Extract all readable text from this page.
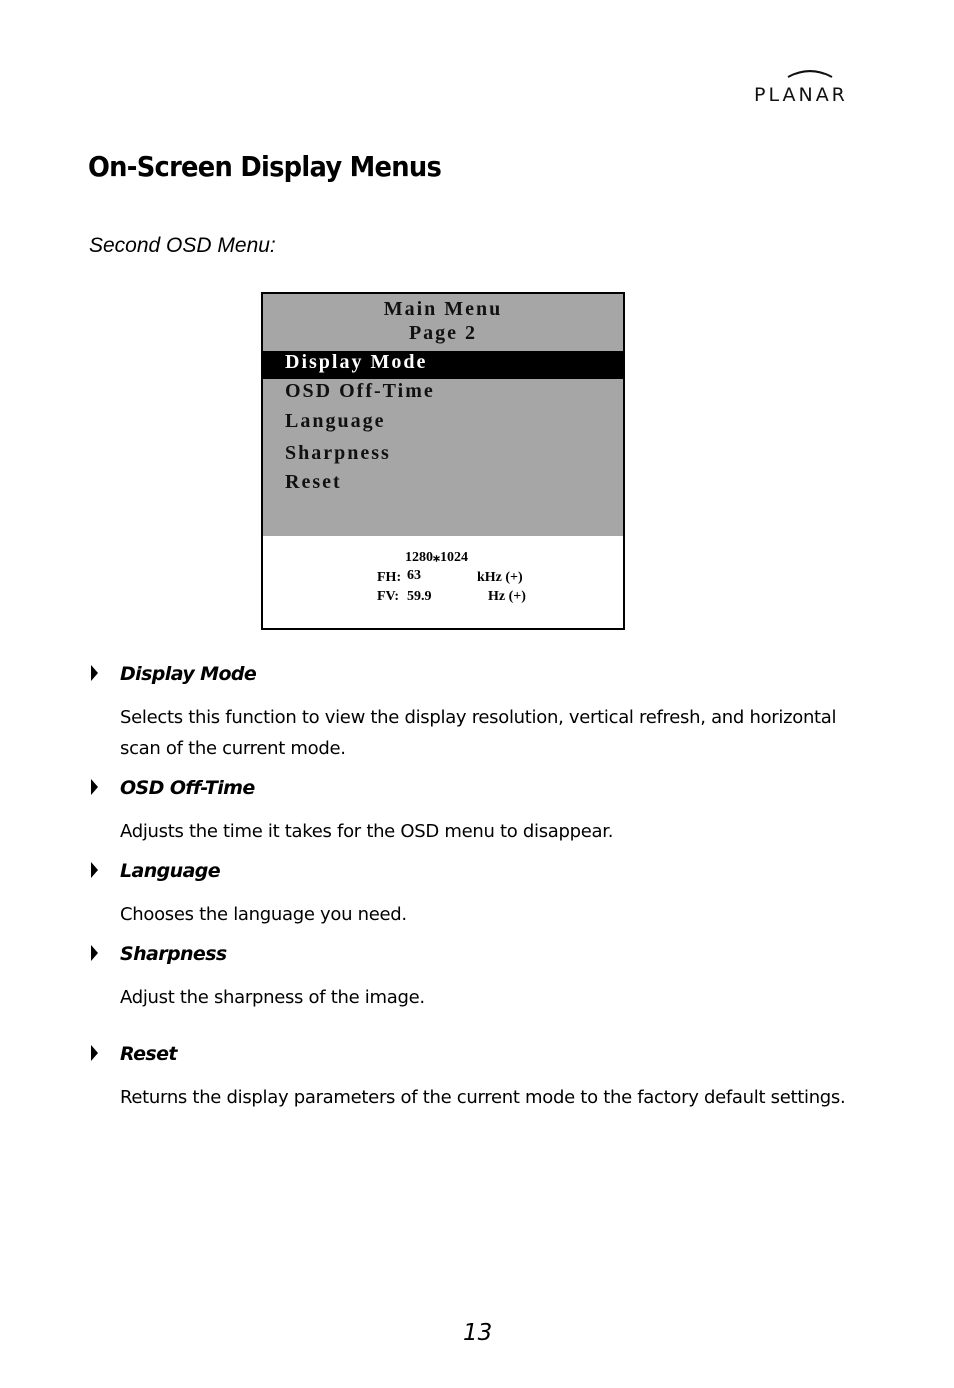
PLANAR
On-Screen Display Menus
Second OSD Menu:
Main Menu
Page 2
Display Mode
OSD Off-Time
Language
Sharpness
Reset
1280⁎1024
FH: 63	kHz (+)
FV: 59.9	Hz (+)
Display Mode
Selects this function to view the display resolution, vertical refresh, and horizontal scan of the current mode.
OSD Off-Time
Adjusts the time it takes for the OSD menu to disappear.
Language
Chooses the language you need.
Sharpness
Adjust the sharpness of the image.
Reset
Returns the display parameters of the current mode to the factory default settings.
13
